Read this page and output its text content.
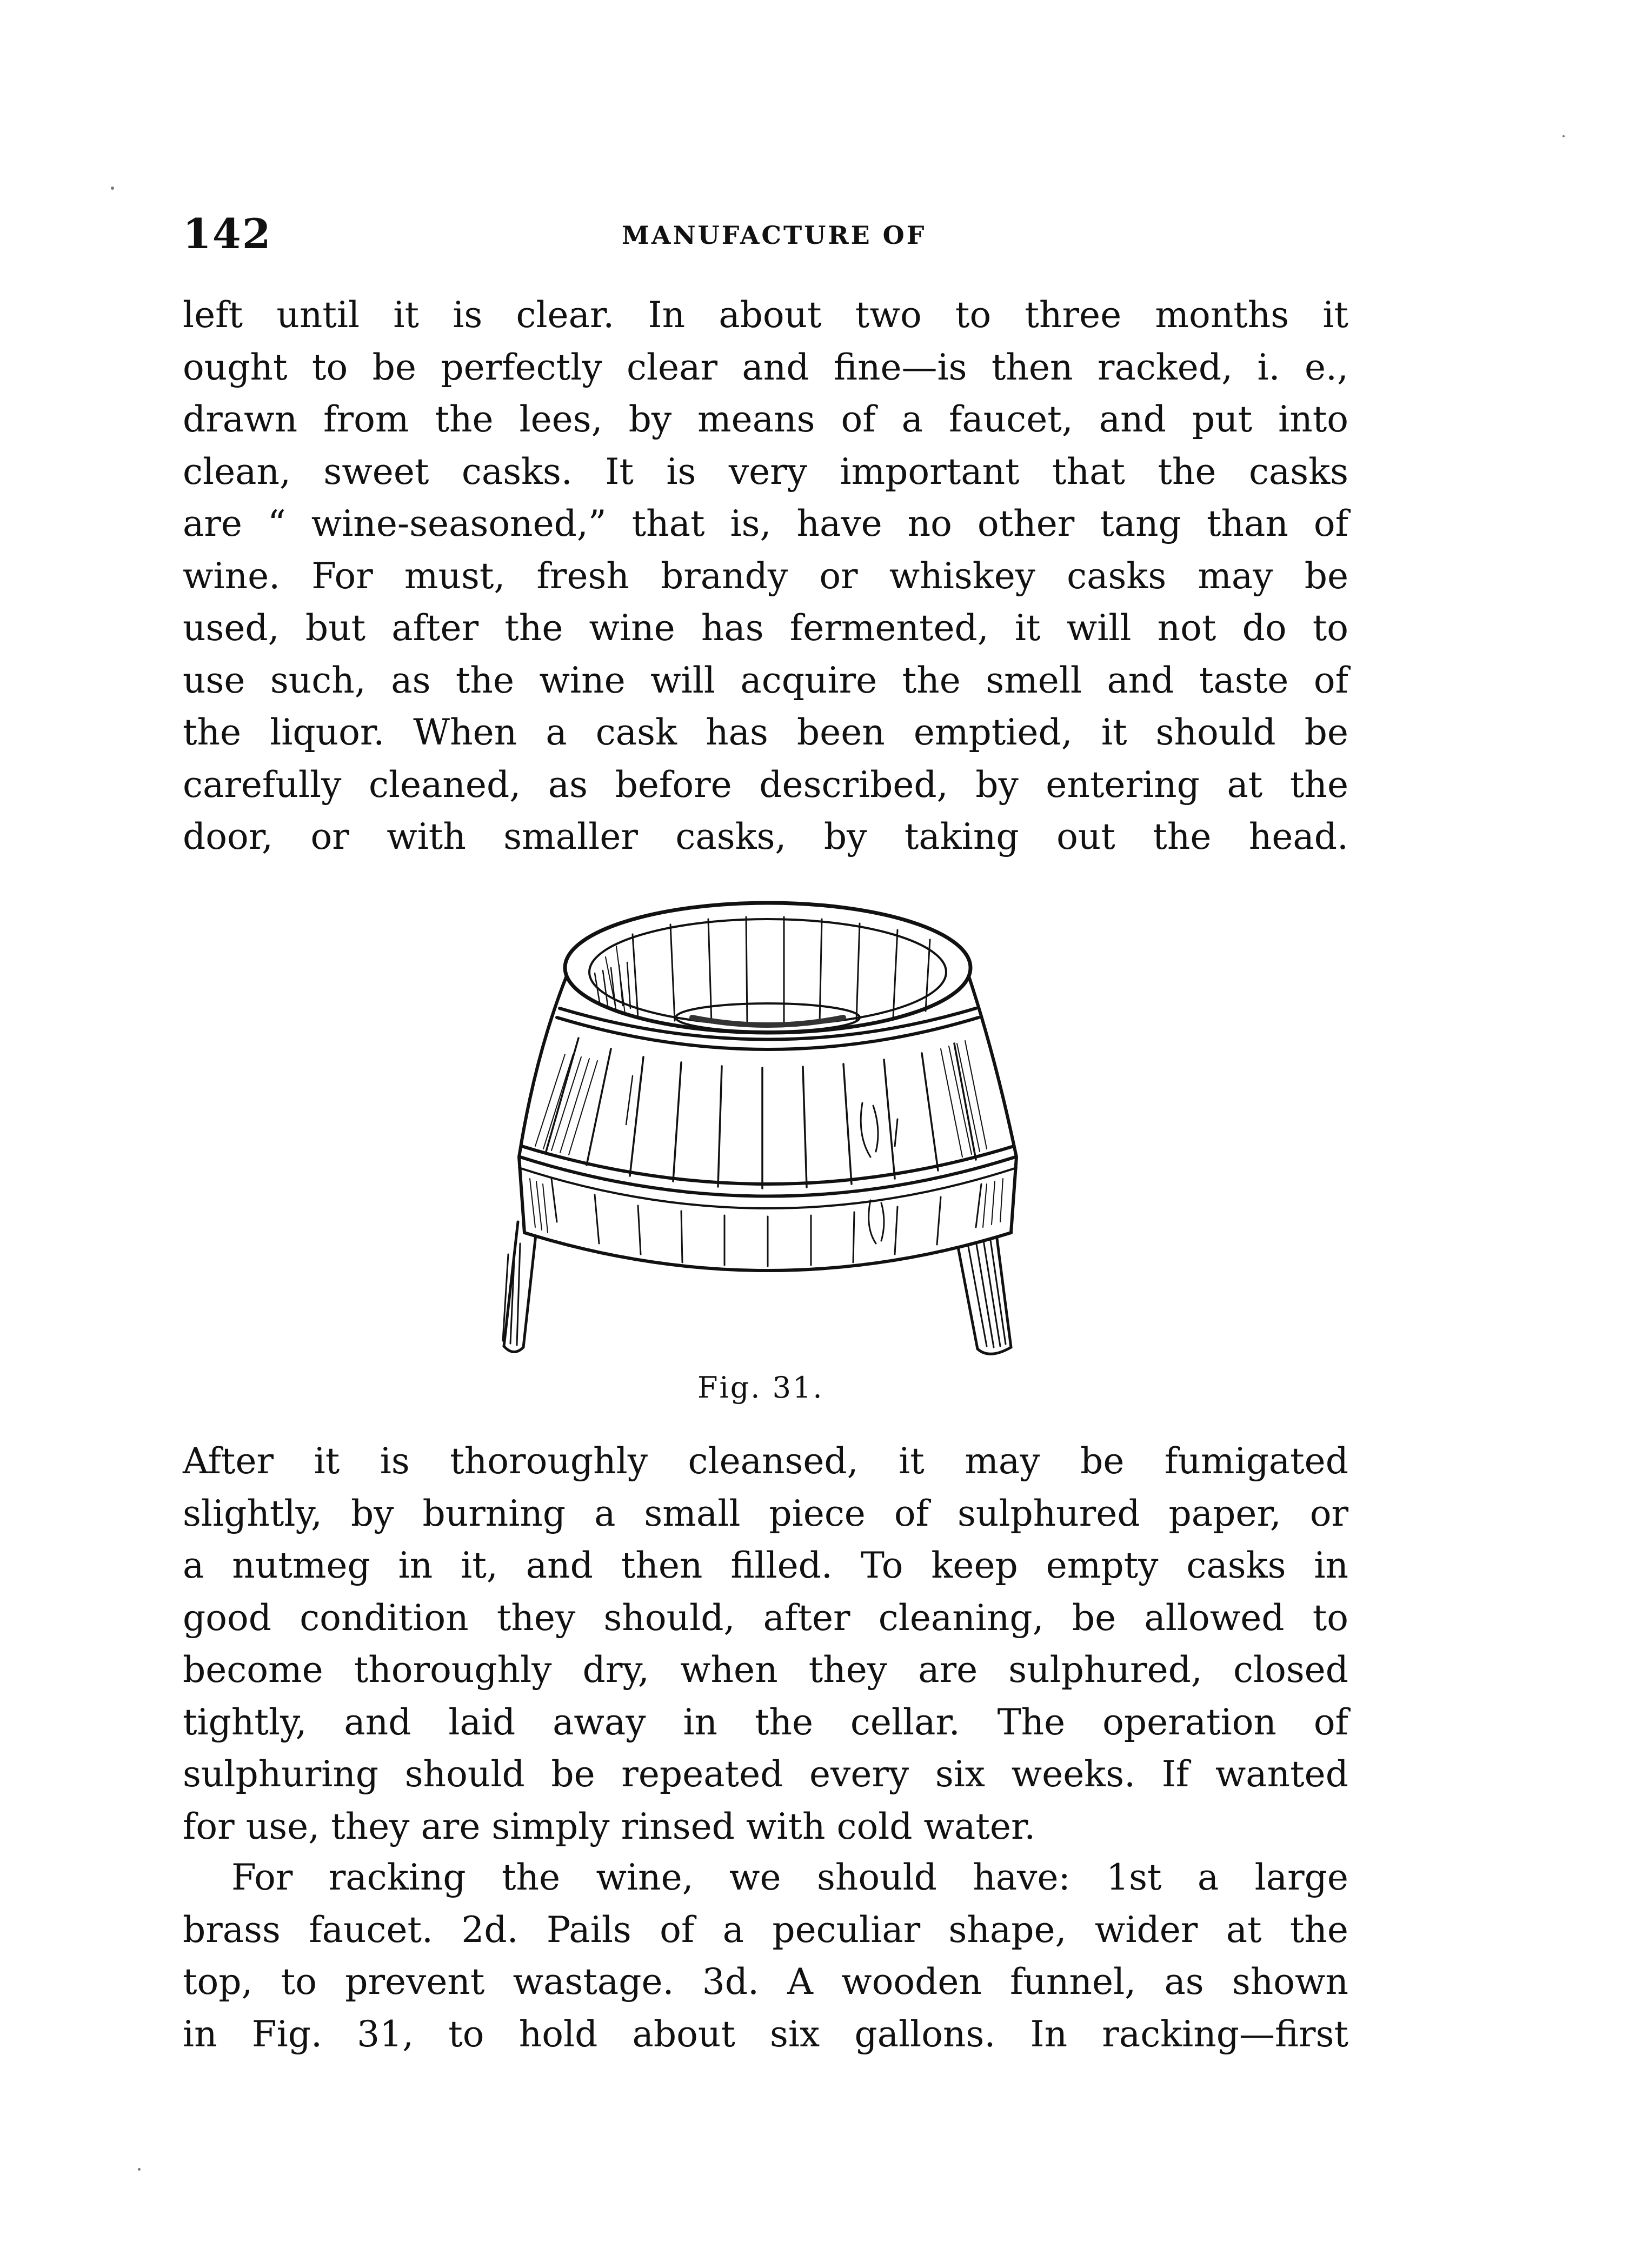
142	MANUFACTURE OF

left until it is clear. In about two to three months it
ought to be perfectly clear and fine—is then racked, i. e.,
drawn from the lees, by means of a faucet, and put into
clean, sweet casks. It is very important that the casks
are “ wine-seasoned,” that is, have no other tang than of
wine. For must, fresh brandy or whiskey casks may be
used, but after the wine has fermented, it will not do to
use such, as the wine will acquire the smell and taste of
the liquor. When a cask has been emptied, it should be
carefully cleaned, as before described, by entering at the
door, or with smaller casks, by taking out the head.

Fig. 31.

After it is thoroughly cleansed, it may be fumigated
slightly, by burning a small piece of sulphured paper, or
a nutmeg in it, and then filled. To keep empty casks in
good condition they should, after cleaning, be allowed to
become thoroughly dry, when they are sulphured, closed
tightly, and laid away in the cellar. The operation of
sulphuring should be repeated every six weeks. If wanted
for use, they are simply rinsed with cold water.

For racking the wine, we should have: 1st a large
brass faucet. 2d. Pails of a peculiar shape, wider at the
top, to prevent wastage. 3d. A wooden funnel, as shown
in Fig. 31, to hold about six gallons. In racking—first
